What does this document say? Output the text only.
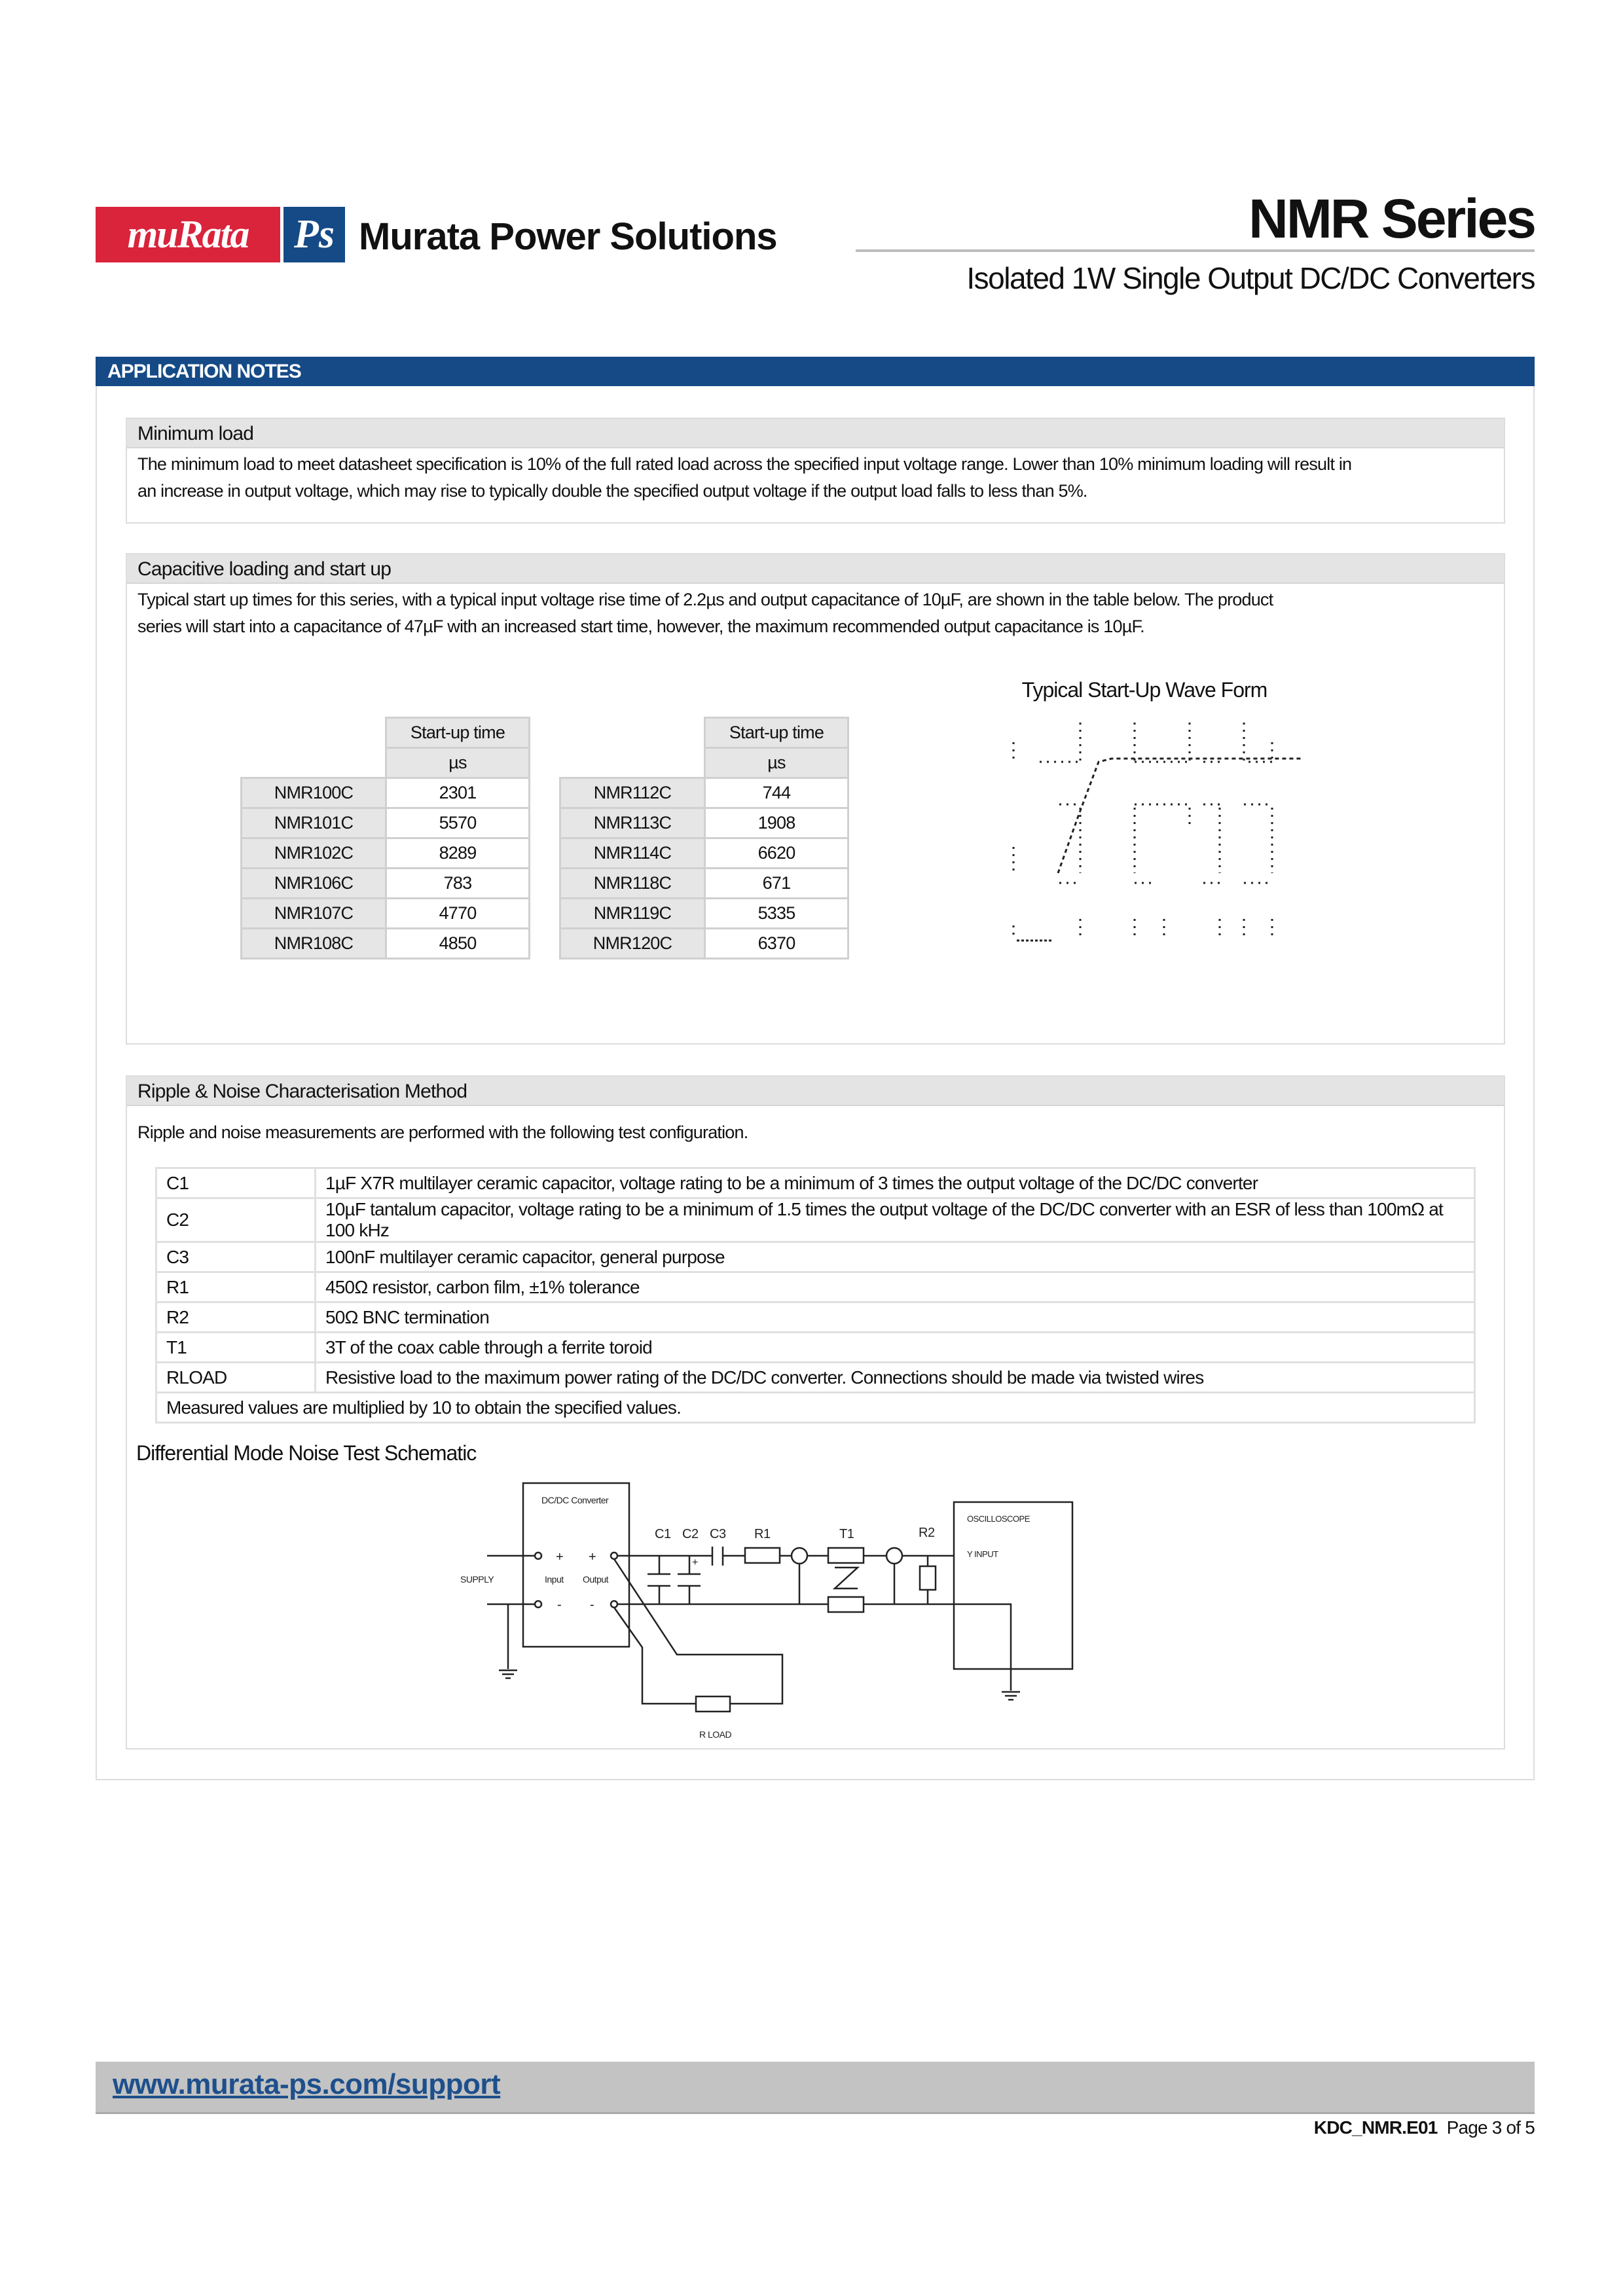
muRata Ps Murata Power Solutions	NMR Series
Isolated 1W Single Output DC/DC Converters
APPLICATION NOTES
Minimum load
The minimum load to meet datasheet specification is 10% of the full rated load across the specified input voltage range. Lower than 10% minimum loading will result in
an increase in output voltage, which may rise to typically double the specified output voltage if the output load falls to less than 5%.
Capacitive loading and start up
Typical start up times for this series, with a typical input voltage rise time of 2.2µs and output capacitance of 10µF, are shown in the table below. The product
series will start into a capacitance of 47µF with an increased start time, however, the maximum recommended output capacitance is 10µF.
	Start-up time
	µs
NMR100C	2301
NMR101C	5570
NMR102C	8289
NMR106C	783
NMR107C	4770
NMR108C	4850
	Start-up time
	µs
NMR112C	744
NMR113C	1908
NMR114C	6620
NMR118C	671
NMR119C	5335
NMR120C	6370
Typical Start-Up Wave Form
Ripple & Noise Characterisation Method
Ripple and noise measurements are performed with the following test configuration.
C1	1µF X7R multilayer ceramic capacitor, voltage rating to be a minimum of 3 times the output voltage of the DC/DC converter
C2	10µF tantalum capacitor, voltage rating to be a minimum of 1.5 times the output voltage of the DC/DC converter with an ESR of less than 100mΩ at 100 kHz
C3	100nF multilayer ceramic capacitor, general purpose
R1	450Ω resistor, carbon film, ±1% tolerance
R2	50Ω BNC termination
T1	3T of the coax cable through a ferrite toroid
RLOAD	Resistive load to the maximum power rating of the DC/DC converter. Connections should be made via twisted wires
Measured values are multiplied by 10 to obtain the specified values.	
Differential Mode Noise Test Schematic
DC/DC Converter
SUPPLY
+ +
- -
Input Output
C1 C2 C3 R1	T1	R2
+
OSCILLOSCOPE
Y INPUT
R LOAD
www.murata-ps.com/support
KDC_NMR.E01 Page 3 of 5
